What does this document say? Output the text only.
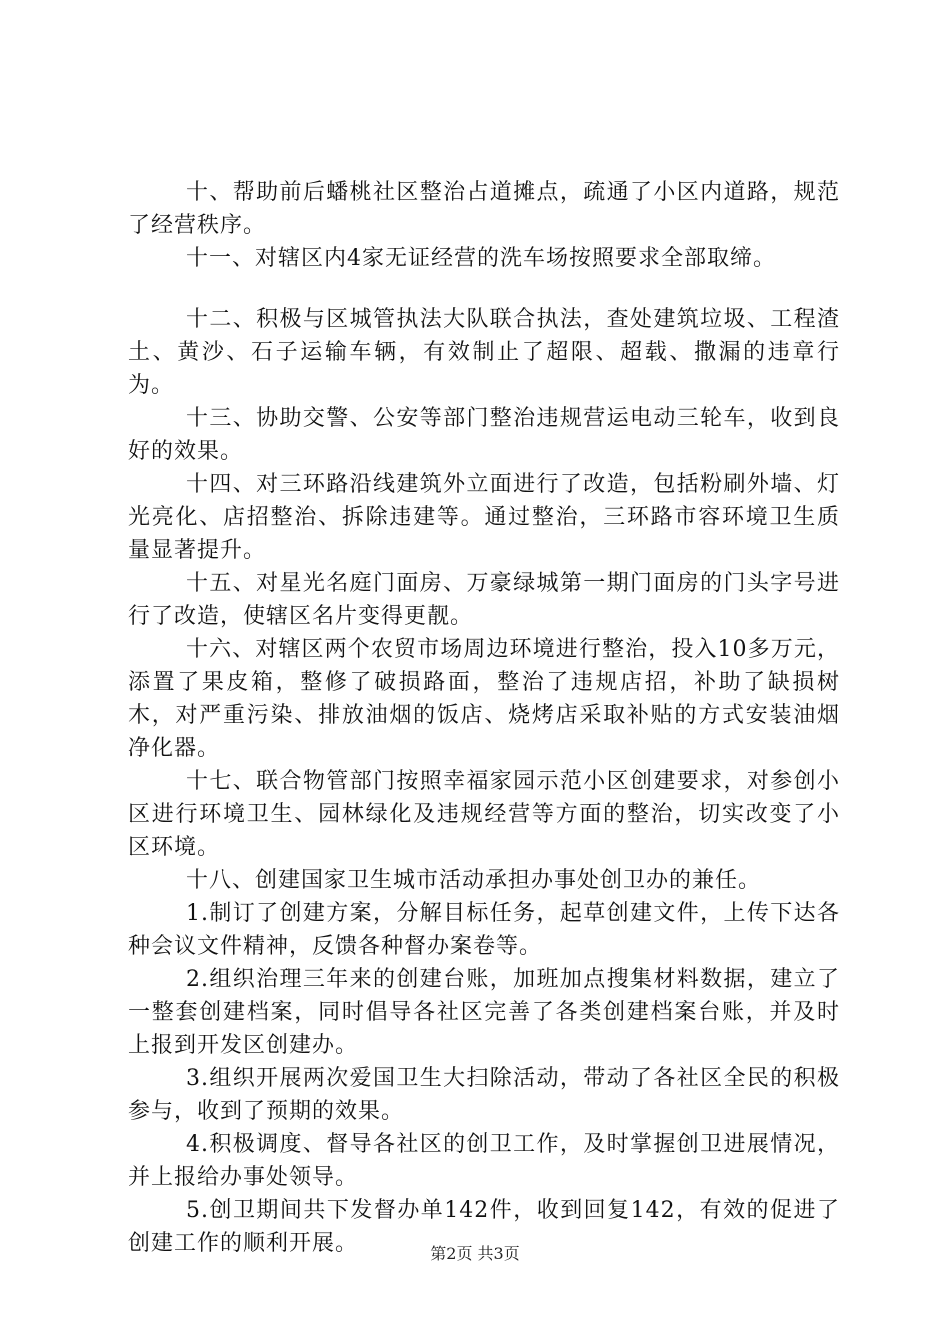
十、帮助前后蟠桃社区整治占道摊点，疏通了小区内道路，规范了经营秩序。

十一、对辖区内4家无证经营的洗车场按照要求全部取缔。

十二、积极与区城管执法大队联合执法，查处建筑垃圾、工程渣土、黄沙、石子运输车辆，有效制止了超限、超载、撒漏的违章行为。

十三、协助交警、公安等部门整治违规营运电动三轮车，收到良好的效果。

十四、对三环路沿线建筑外立面进行了改造，包括粉刷外墙、灯光亮化、店招整治、拆除违建等。通过整治，三环路市容环境卫生质量显著提升。

十五、对星光名庭门面房、万豪绿城第一期门面房的门头字号进行了改造，使辖区名片变得更靓。

十六、对辖区两个农贸市场周边环境进行整治，投入10多万元，添置了果皮箱，整修了破损路面，整治了违规店招，补助了缺损树木，对严重污染、排放油烟的饭店、烧烤店采取补贴的方式安装油烟净化器。

十七、联合物管部门按照幸福家园示范小区创建要求，对参创小区进行环境卫生、园林绿化及违规经营等方面的整治，切实改变了小区环境。

十八、创建国家卫生城市活动承担办事处创卫办的兼任。

1.制订了创建方案，分解目标任务，起草创建文件，上传下达各种会议文件精神，反馈各种督办案卷等。

2.组织治理三年来的创建台账，加班加点搜集材料数据，建立了一整套创建档案，同时倡导各社区完善了各类创建档案台账，并及时上报到开发区创建办。

3.组织开展两次爱国卫生大扫除活动，带动了各社区全民的积极参与，收到了预期的效果。

4.积极调度、督导各社区的创卫工作，及时掌握创卫进展情况，并上报给办事处领导。

5.创卫期间共下发督办单142件，收到回复142，有效的促进了创建工作的顺利开展。	第2页 共3页
